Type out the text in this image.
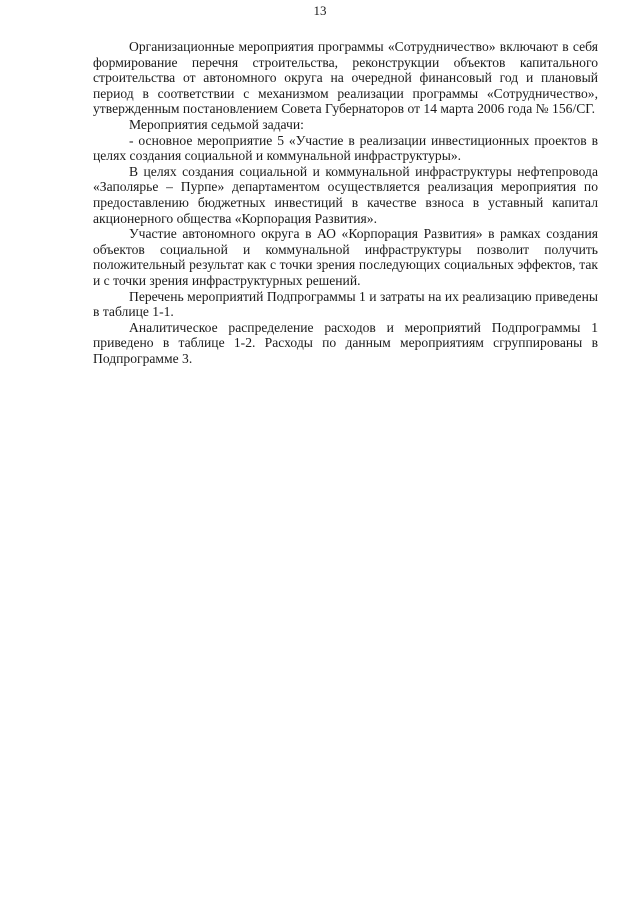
13

Организационные мероприятия программы «Сотрудничество» включают в себя формирование перечня строительства, реконструкции объектов капитального строительства от автономного округа на очередной финансовый год и плановый период в соответствии с механизмом реализации программы «Сотрудничество», утвержденным постановлением Совета Губернаторов от 14 марта 2006 года № 156/СГ.

Мероприятия седьмой задачи:

- основное мероприятие 5 «Участие в реализации инвестиционных проектов в целях создания социальной и коммунальной инфраструктуры».

В целях создания социальной и коммунальной инфраструктуры нефтепровода «Заполярье – Пурпе» департаментом осуществляется реализация мероприятия по предоставлению бюджетных инвестиций в качестве взноса в уставный капитал акционерного общества «Корпорация Развития».

Участие автономного округа в АО «Корпорация Развития» в рамках создания объектов социальной и коммунальной инфраструктуры позволит получить положительный результат как с точки зрения последующих социальных эффектов, так и с точки зрения инфраструктурных решений.

Перечень мероприятий Подпрограммы 1 и затраты на их реализацию приведены в таблице 1-1.

Аналитическое распределение расходов и мероприятий Подпрограммы 1 приведено в таблице 1-2. Расходы по данным мероприятиям сгруппированы в Подпрограмме 3.
